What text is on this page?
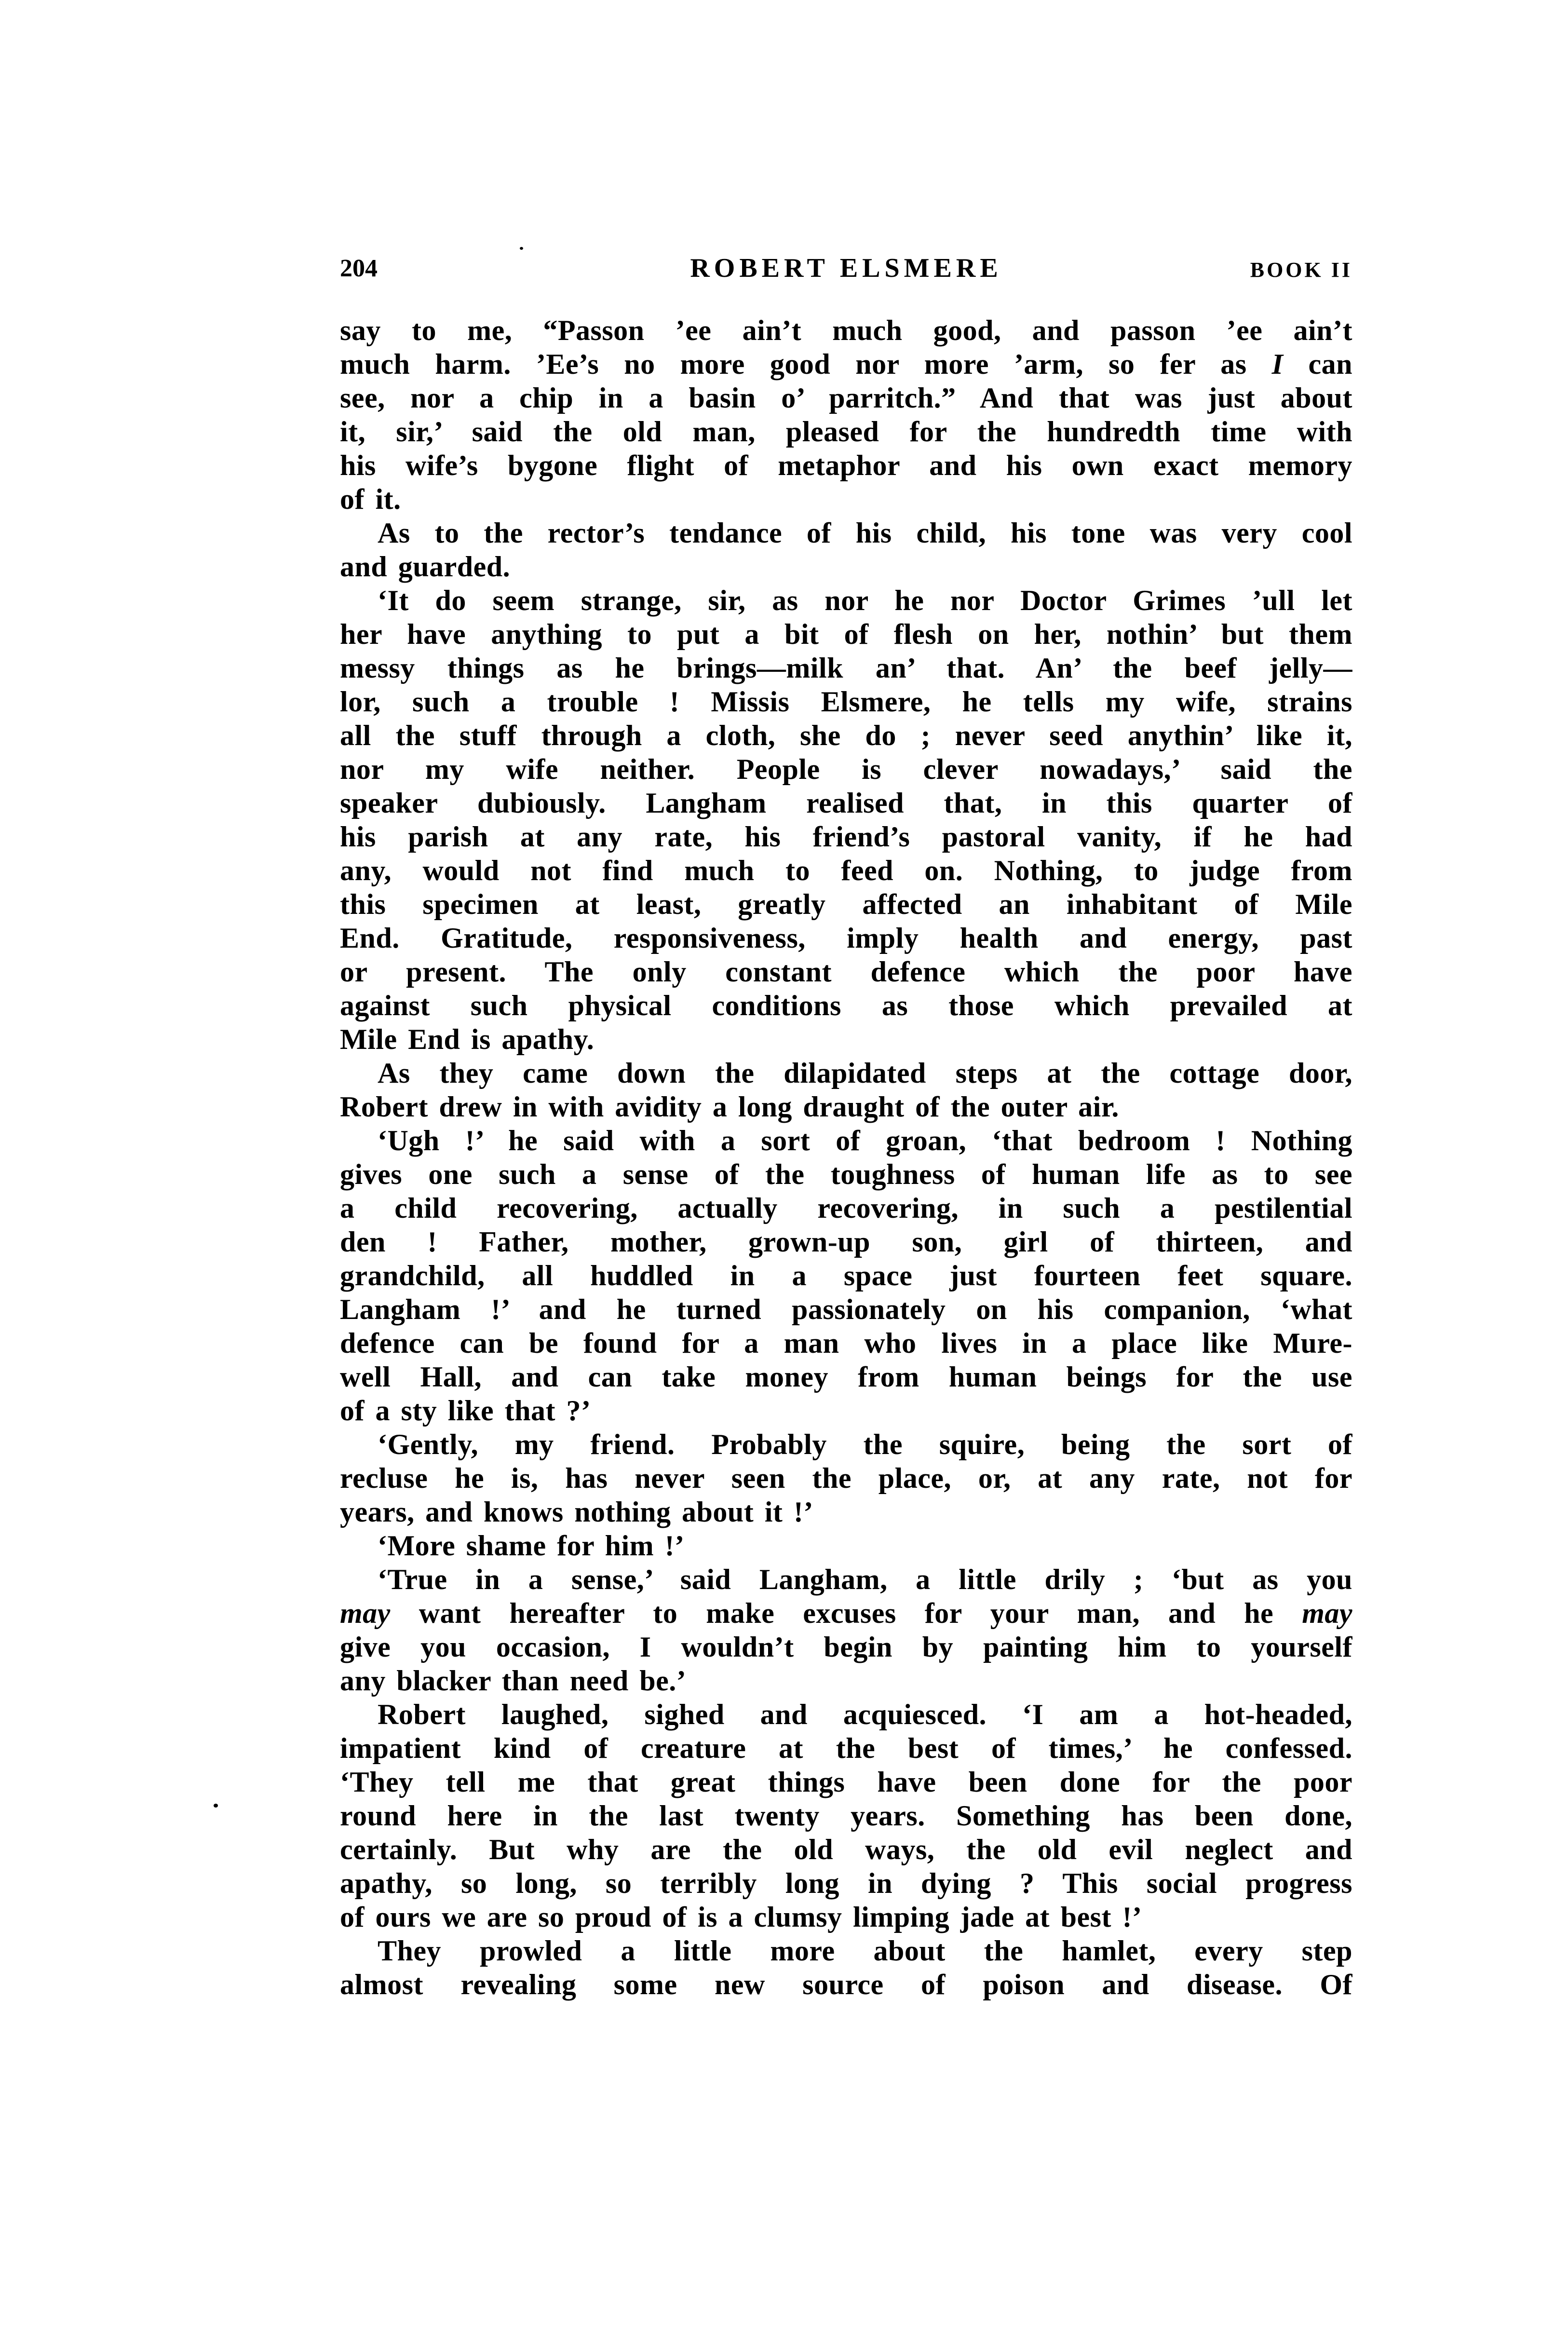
204	ROBERT ELSMERE	BOOK II
say to me, “Passon ’ee ain’t much good, and passon ’ee ain’t
much harm. ’Ee’s no more good nor more ’arm, so fer as I can
see, nor a chip in a basin o’ parritch.” And that was just about
it, sir,’ said the old man, pleased for the hundredth time with
his wife’s bygone flight of metaphor and his own exact memory
of it.
As to the rector’s tendance of his child, his tone was very cool
and guarded.
‘It do seem strange, sir, as nor he nor Doctor Grimes ’ull let
her have anything to put a bit of flesh on her, nothin’ but them
messy things as he brings—milk an’ that. An’ the beef jelly—
lor, such a trouble ! Missis Elsmere, he tells my wife, strains
all the stuff through a cloth, she do ; never seed anythin’ like it,
nor my wife neither. People is clever nowadays,’ said the
speaker dubiously. Langham realised that, in this quarter of
his parish at any rate, his friend’s pastoral vanity, if he had
any, would not find much to feed on. Nothing, to judge from
this specimen at least, greatly affected an inhabitant of Mile
End. Gratitude, responsiveness, imply health and energy, past
or present. The only constant defence which the poor have
against such physical conditions as those which prevailed at
Mile End is apathy.
As they came down the dilapidated steps at the cottage door,
Robert drew in with avidity a long draught of the outer air.
‘Ugh !’ he said with a sort of groan, ‘that bedroom ! Nothing
gives one such a sense of the toughness of human life as to see
a child recovering, actually recovering, in such a pestilential
den ! Father, mother, grown-up son, girl of thirteen, and
grandchild, all huddled in a space just fourteen feet square.
Langham !’ and he turned passionately on his companion, ‘what
defence can be found for a man who lives in a place like Mure-
well Hall, and can take money from human beings for the use
of a sty like that ?’
‘Gently, my friend. Probably the squire, being the sort of
recluse he is, has never seen the place, or, at any rate, not for
years, and knows nothing about it !’
‘More shame for him !’
‘True in a sense,’ said Langham, a little drily ; ‘but as you
may want hereafter to make excuses for your man, and he may
give you occasion, I wouldn’t begin by painting him to yourself
any blacker than need be.’
Robert laughed, sighed and acquiesced. ‘I am a hot-headed,
impatient kind of creature at the best of times,’ he confessed.
‘They tell me that great things have been done for the poor
round here in the last twenty years. Something has been done,
certainly. But why are the old ways, the old evil neglect and
apathy, so long, so terribly long in dying ? This social progress
of ours we are so proud of is a clumsy limping jade at best !’
They prowled a little more about the hamlet, every step
almost revealing some new source of poison and disease. Of
